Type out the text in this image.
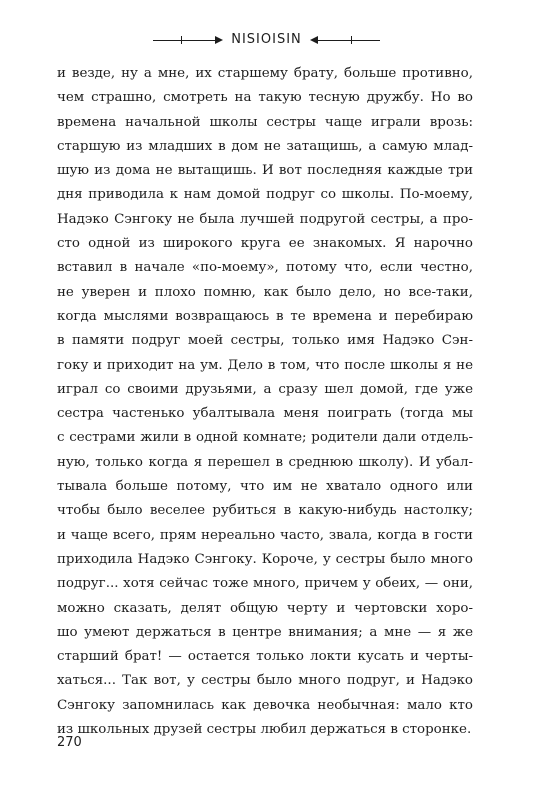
NISIOISIN
и везде, ну а мне, их старшему брату, больше противно,
чем страшно, смотреть на такую тесную дружбу. Но во
времена начальной школы сестры чаще играли врозь:
старшую из младших в дом не затащишь, а самую млад-
шую из дома не вытащишь. И вот последняя каждые три
дня приводила к нам домой подруг со школы. По-моему,
Надэко Сэнгоку не была лучшей подругой сестры, а про-
сто одной из широкого круга ее знакомых. Я нарочно
вставил в начале «по-моему», потому что, если честно,
не уверен и плохо помню, как было дело, но все-таки,
когда мыслями возвращаюсь в те времена и перебираю
в памяти подруг моей сестры, только имя Надэко Сэн-
гоку и приходит на ум. Дело в том, что после школы я не
играл со своими друзьями, а сразу шел домой, где уже
сестра частенько убалтывала меня поиграть (тогда мы
с сестрами жили в одной комнате; родители дали отдель-
ную, только когда я перешел в среднюю школу). И убал-
тывала больше потому, что им не хватало одного или
чтобы было веселее рубиться в какую-нибудь настолку;
и чаще всего, прям нереально часто, звала, когда в гости
приходила Надэко Сэнгоку. Короче, у сестры было много
подруг... хотя сейчас тоже много, причем у обеих, — они,
можно сказать, делят общую черту и чертовски хоро-
шо умеют держаться в центре внимания; а мне — я же
старший брат! — остается только локти кусать и черты-
хаться... Так вот, у сестры было много подруг, и Надэко
Сэнгоку запомнилась как девочка необычная: мало кто
из школьных друзей сестры любил держаться в сторонке.
270
